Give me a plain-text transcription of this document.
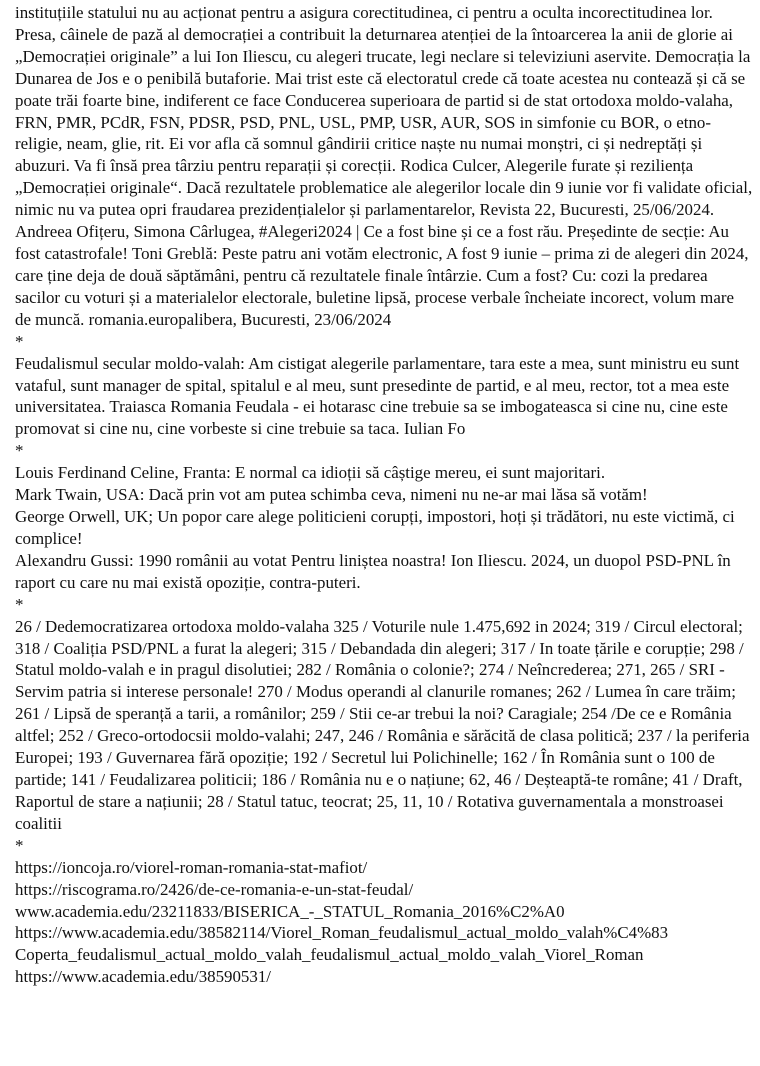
instituțiile statului nu au acționat pentru a asigura corectitudinea, ci pentru a oculta incorectitudinea lor. Presa, câinele de pază al democrației a contribuit la deturnarea atenției de la întoarcerea la anii de glorie ai „Democrației originale” a lui Ion Iliescu, cu alegeri trucate, legi neclare si televiziuni aservite. Democrația la Dunarea de Jos e o penibilă butaforie. Mai trist este că electoratul crede că toate acestea nu contează și că se poate trăi foarte bine, indiferent ce face Conducerea superioara de partid si de stat ortodoxa moldo-valaha, FRN, PMR, PCdR, FSN, PDSR, PSD, PNL, USL, PMP, USR, AUR, SOS in simfonie cu BOR, o etno-religie, neam, glie, rit. Ei vor afla că somnul gândirii critice naște nu numai monștri, ci și nedreptăți și abuzuri. Va fi însă prea târziu pentru reparații și corecții. Rodica Culcer, Alegerile furate și reziliența „Democrației originale“. Dacă rezultatele problematice ale alegerilor locale din 9 iunie vor fi validate oficial, nimic nu va putea opri fraudarea prezidențialelor și parlamentarelor, Revista 22, Bucuresti, 25/06/2024. Andreea Ofițeru, Simona Cârlugea, #Alegeri2024 | Ce a fost bine și ce a fost rău. Președinte de secție: Au fost catastrofale! Toni Greblă: Peste patru ani votăm electronic, A fost 9 iunie – prima zi de alegeri din 2024, care ține deja de două săptămâni, pentru că rezultatele finale întârzie. Cum a fost? Cu: cozi la predarea sacilor cu voturi și a materialelor electorale, buletine lipsă, procese verbale încheiate incorect, volum mare de muncă. romania.europalibera, Bucuresti, 23/06/2024

*

Feudalismul secular moldo-valah: Am cistigat alegerile parlamentare, tara este a mea, sunt ministru eu sunt vataful, sunt manager de spital, spitalul e al meu, sunt presedinte de partid, e al meu, rector, tot a mea este universitatea. Traiasca Romania Feudala - ei hotarasc cine trebuie sa se imbogateasca si cine nu, cine este promovat si cine nu, cine vorbeste si cine trebuie sa taca. Iulian Fo

*

Louis Ferdinand Celine, Franta: E normal ca idioții să câștige mereu, ei sunt majoritari.

Mark Twain, USA: Dacă prin vot am putea schimba ceva, nimeni nu ne-ar mai lăsa să votăm!

George Orwell, UK; Un popor care alege politicieni corupți, impostori, hoți și trădători, nu este victimă, ci complice!

Alexandru Gussi: 1990 românii au votat Pentru liniștea noastra! Ion Iliescu. 2024, un duopol PSD-PNL în raport cu care nu mai există opoziție, contra-puteri.

*

26 / Dedemocratizarea ortodoxa moldo-valaha 325 / Voturile nule 1.475,692 in 2024; 319 / Circul electoral; 318 / Coaliția PSD/PNL a furat la alegeri; 315 / Debandada din alegeri; 317 / In toate țările e corupție; 298 / Statul moldo-valah e in pragul disolutiei; 282 / România o colonie?; 274 / Neîncrederea; 271, 265 / SRI - Servim patria si interese personale! 270 / Modus operandi al clanurile romanes; 262 / Lumea în care trăim; 261 / Lipsă de speranță a tarii, a românilor; 259 / Stii ce-ar trebui la noi? Caragiale; 254 /De ce e România altfel; 252 / Greco-ortodocsii moldo-valahi; 247, 246 / România e sărăcită de clasa politică; 237 / la periferia Europei; 193 / Guvernarea fără opoziție; 192 / Secretul lui Polichinelle; 162 / În România sunt o 100 de partide; 141 / Feudalizarea politicii; 186 / România nu e o națiune; 62, 46 / Deșteaptă-te române; 41 / Draft, Raportul de stare a națiunii; 28 / Statul tatuc, teocrat; 25, 11, 10 / Rotativa guvernamentala a monstroasei coalitii

*

https://ioncoja.ro/viorel-roman-romania-stat-mafiot/
https://riscograma.ro/2426/de-ce-romania-e-un-stat-feudal/
www.academia.edu/23211833/BISERICA_-_STATUL_Romania_2016%C2%A0
https://www.academia.edu/38582114/Viorel_Roman_feudalismul_actual_moldo_valah%C4%83
Coperta_feudalismul_actual_moldo_valah_feudalismul_actual_moldo_valah_Viorel_Roman
https://www.academia.edu/38590531/
